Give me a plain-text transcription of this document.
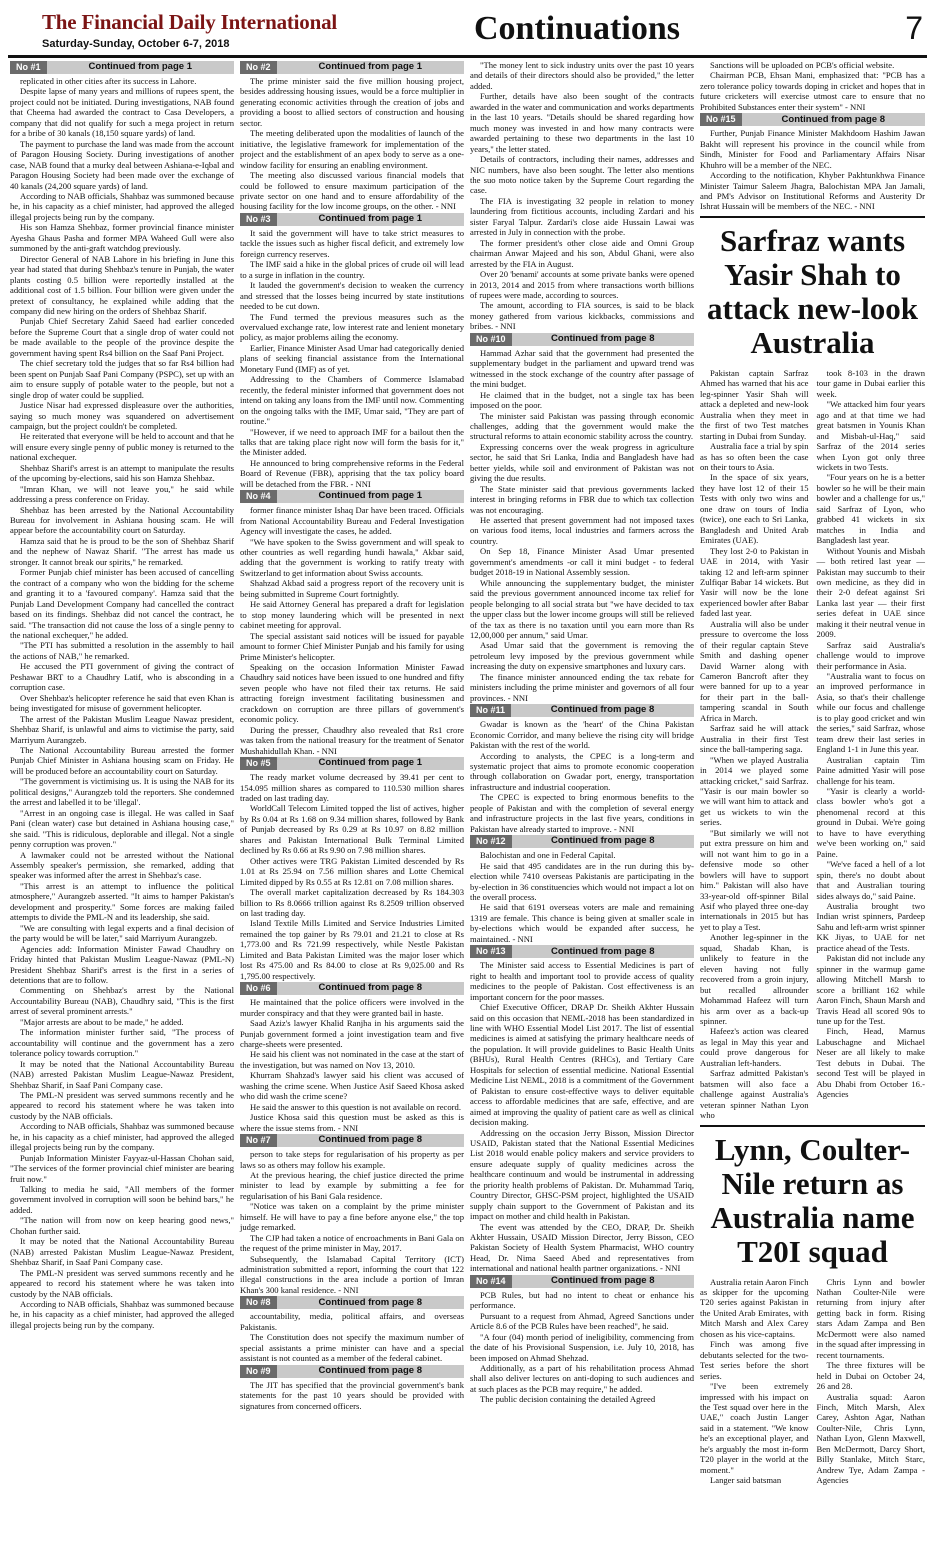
The Financial Daily International
Saturday-Sunday, October 6-7, 2018	Continuations	7
No #1	Continued from page 1

replicated in other cities after its success in Lahore.

Despite lapse of many years and millions of rupees spent, the project could not be initiated. During investigations, NAB found that Cheema had awarded the contract to Casa Developers, a company that did not qualify for such a mega project in return for a bribe of 30 kanals (18,150 square yards) of land.

The payment to purchase the land was made from the account of Paragon Housing Society. During investigations of another case, NAB found that a murky deal between Ashiana-e-Iqbal and Paragon Housing Society had been made over the exchange of 40 kanals (24,200 square yards) of land.

According to NAB officials, Shahbaz was summoned because he, in his capacity as a chief minister, had approved the alleged illegal projects being run by the company.

His son Hamza Shehbaz, former provincial finance minister Ayesha Ghaus Pasha and former MPA Waheed Gull were also summoned by the anti-graft watchdog previously.

Director General of NAB Lahore in his briefing in June this year had stated that during Shehbaz's tenure in Punjab, the water plants costing 0.5 billion were reportedly installed at the additional cost of 1.5 billion. Four billion were given under the pretext of consultancy, he explained while adding that the company did new hiring on the orders of Shehbaz Sharif.

Punjab Chief Secretary Zahid Saeed had earlier conceded before the Supreme Court that a single drop of water could not be made available to the people of the province despite the government having spent Rs4 billion on the Saaf Pani Project.

The chief secretary told the judges that so far Rs4 billion had been spent on Punjab Saaf Pani Company (PSPC), set up with an aim to ensure supply of potable water to the people, but not a single drop of water could be supplied.

Justice Nisar had expressed displeasure over the authorities, saying so much money was squandered on advertisement campaign, but the project couldn't be completed.

He reiterated that everyone will be held to account and that he will ensure every single penny of public money is returned to the national exchequer.

Shehbaz Sharif's arrest is an attempt to manipulate the results of the upcoming by-elections, said his son Hamza Shehbaz.

"Imran Khan, we will not leave you," he said while addressing a press conference on Friday.

Shehbaz has been arrested by the National Accountability Bureau for involvement in Ashiana housing scam. He will appear before the accountability court on Saturday.

Hamza said that he is proud to be the son of Shehbaz Sharif and the nephew of Nawaz Sharif. "The arrest has made us stronger. It cannot break our spirits," he remarked.

Former Punjab chief minister has been accused of cancelling the contract of a company who won the bidding for the scheme and granting it to a 'favoured company'. Hamza said that the Punjab Land Development Company had cancelled the contract based on its findings. Shehbaz did not cancel the contract, he said. "The transaction did not cause the loss of a single penny to the national exchequer," he added.

"The PTI has submitted a resolution in the assembly to hail the actions of NAB," he remarked.

He accused the PTI government of giving the contract of Peshawar BRT to a Chaudhry Latif, who is absconding in a corruption case.

Over Shehbaz's helicopter reference he said that even Khan is being investigated for misuse of government helicopter.

The arrest of the Pakistan Muslim League Nawaz president, Shehbaz Sharif, is unlawful and aims to victimise the party, said Marriyum Aurangzeb.

The National Accountability Bureau arrested the former Punjab Chief Minister in Ashiana housing scam on Friday. He will be produced before an accountability court on Saturday.

"The government is victimising us. It is using the NAB for its political designs," Aurangzeb told the reporters. She condemned the arrest and labelled it to be 'illegal'.

"Arrest in an ongoing case is illegal. He was called in Saaf Pani (clean water) case but detained in Ashiana housing case," she said. "This is ridiculous, deplorable and illegal. Not a single penny corruption was proven."

A lawmaker could not be arrested without the National Assembly speaker's permission, she remarked, adding that speaker was informed after the arrest in Shehbaz's case.

"This arrest is an attempt to influence the political atmosphere," Aurangzeb asserted. "It aims to hamper Pakistan's development and prosperity." Some forces are making failed attempts to divide the PML-N and its leadership, she said.

"We are consulting with legal experts and a final decision of the party would be will be later," said Marriyum Aurangzeb.

Agencies add: Information Minister Fawad Chaudhry on Friday hinted that Pakistan Muslim League-Nawaz (PML-N) President Shehbaz Sharif's arrest is the first in a series of detentions that are to follow.

Commenting on Shehbaz's arrest by the National Accountability Bureau (NAB), Chaudhry said, "This is the first arrest of several prominent arrests."

"Major arrests are about to be made," he added.

The information minister further said, "The process of accountability will continue and the government has a zero tolerance policy towards corruption."

It may be noted that the National Accountability Bureau (NAB) arrested Pakistan Muslim League-Nawaz President, Shehbaz Sharif, in Saaf Pani Company case.

The PML-N president was served summons recently and he appeared to record his statement where he was taken into custody by the NAB officials.

According to NAB officials, Shahbaz was summoned because he, in his capacity as a chief minister, had approved the alleged illegal projects being run by the company.

Punjab Information Minister Fayyaz-ul-Hassan Chohan said, "The services of the former provincial chief minister are bearing fruit now."

Talking to media he said, "All members of the former government involved in corruption will soon be behind bars," he added.

"The nation will from now on keep hearing good news," Chohan further said.

It may be noted that the National Accountability Bureau (NAB) arrested Pakistan Muslim League-Nawaz President, Shehbaz Sharif, in Saaf Pani Company case.

The PML-N president was served summons recently and he appeared to record his statement where he was taken into custody by the NAB officials.

According to NAB officials, Shahbaz was summoned because he, in his capacity as a chief minister, had approved the alleged illegal projects being run by the company.

No #2	Continued from page 1

The prime minister said the five million housing project, besides addressing housing issues, would be a force multiplier in generating economic activities through the creation of jobs and providing a boost to allied sectors of construction and housing sector.

The meeting deliberated upon the modalities of launch of the initiative, the legislative framework for implementation of the project and the establishment of an apex body to serve as a one-window facility for ensuring an enabling environment.

The meeting also discussed various financial models that could be followed to ensure maximum participation of the private sector on one hand and to ensure affordability of the housing facility for the low income groups, on the other. - NNI

No #3	Continued from page 1

It said the government will have to take strict measures to tackle the issues such as higher fiscal deficit, and extremely low foreign currency reserves.

The IMF said a hike in the global prices of crude oil will lead to a surge in inflation in the country.

It lauded the government's decision to weaken the currency and stressed that the losses being incurred by state institutions needed to be cut down.

The Fund termed the previous measures such as the overvalued exchange rate, low interest rate and lenient monetary policy, as major problems ailing the economy.

Earlier, Finance Minister Asad Umar had categorically denied plans of seeking financial assistance from the International Monetary Fund (IMF) as of yet.

Addressing to the Chambers of Commerce Islamabad recently, the federal minister informed that government does not intend on taking any loans from the IMF until now. Commenting on the ongoing talks with the IMF, Umar said, "They are part of routine."

"However, if we need to approach IMF for a bailout then the talks that are taking place right now will form the basis for it," the Minister added.

He announced to bring comprehensive reforms in the Federal Board of Revenue (FBR), apprising that the tax policy board will be detached from the FBR. - NNI

No #4	Continued from page 1

former finance minister Ishaq Dar have been traced. Officials from National Accountability Bureau and Federal Investigation Agency will investigate the cases, he added.

"We have spoken to the Swiss government and will speak to other countries as well regarding hundi hawala," Akbar said, adding that the government is working to ratify treaty with Switzerland to get information about Swiss accounts.

Shahzad Akbad said a progress report of the recovery unit is being submitted in Supreme Court fortnightly.

He said Attorney General has prepared a draft for legislation to stop money laundering which will be presented in next cabinet meeting for approval.

The special assistant said notices will be issued for payable amount to former Chief Minister Punjab and his family for using Prime Minister's helicopter.

Speaking on the occasion Information Minister Fawad Chaudhry said notices have been issued to one hundred and fifty seven people who have not filed their tax returns. He said attracting foreign investment facilitating businessmen and crackdown on corruption are three pillars of government's economic policy.

During the presser, Chaudhry also revealed that Rs1 crore was taken from the national treasury for the treatment of Senator Mushahidullah Khan. - NNI

No #5	Continued from page 1

The ready market volume decreased by 39.41 per cent to 154.095 million shares as compared to 110.530 million shares traded on last trading day.

WorldCall Telecom Limited topped the list of actives, higher by Rs 0.04 at Rs 1.68 on 9.34 million shares, followed by Bank of Punjab decreased by Rs 0.29 at Rs 10.97 on 8.82 million shares and Pakistan International Bulk Terminal Limited declined by Rs 0.66 at Rs 9.90 on 7.98 million shares.

Other actives were TRG Pakistan Limited descended by Rs 1.01 at Rs 25.94 on 7.56 million shares and Lotte Chemical Limited dipped by Rs 0.55 at Rs 12.81 on 7.08 million shares.

The overall market capitalization decreased by Rs 184.303 billion to Rs 8.0666 trillion against Rs 8.2509 trillion observed on last trading day.

Island Textile Mills Limited and Service Industries Limited remained the top gainer by Rs 79.01 and 21.21 to close at Rs 1,773.00 and Rs 721.99 respectively, while Nestle Pakistan Limited and Bata Pakistan Limited was the major loser which lost Rs 475.00 and Rs 84.00 to close at Rs 9,025.00 and Rs 1,795.00 respectively.

No #6	Continued from page 8

He maintained that the police officers were involved in the murder conspiracy and that they were granted bail in haste.

Saad Aziz's lawyer Khalid Ranjha in his arguments said the Punjab government formed a joint investigation team and five charge-sheets were presented.

He said his client was not nominated in the case at the start of the investigation, but was named on Nov 13, 2010.

Khurram Shahzad's lawyer said his client was accused of washing the crime scene. When Justice Asif Saeed Khosa asked who did wash the crime scene?

He said the answer to this question is not available on record.

Justice Khosa said this question must be asked as this is where the issue stems from. - NNI

No #7	Continued from page 8

person to take steps for regularisation of his property as per laws so as others may follow his example.

At the previous hearing, the chief justice directed the prime minister to lead by example by submitting a fee for regularisation of his Bani Gala residence.

"Notice was taken on a complaint by the prime minister himself. He will have to pay a fine before anyone else," the top judge remarked.

The CJP had taken a notice of encroachments in Bani Gala on the request of the prime minister in May, 2017.

Subsequently, the Islamabad Capital Territory (ICT) administration submitted a report, informing the court that 122 illegal constructions in the area include a portion of Imran Khan's 300 kanal residence. - NNI

No #8	Continued from page 8

accountability, media, political affairs, and overseas Pakistanis.

The Constitution does not specify the maximum number of special assistants a prime minister can have and a special assistant is not counted as a member of the federal cabinet.

No #9	Continued from page 8

The JIT has specified that the provincial government's bank statements for the past 10 years should be provided with signatures from concerned officers.

"The money lent to sick industry units over the past 10 years and details of their directors should also be provided," the letter added.

Further, details have also been sought of the contracts awarded in the water and communication and works departments in the last 10 years. "Details should be shared regarding how much money was invested in and how many contracts were awarded pertaining to these two departments in the last 10 years," the letter stated.

Details of contractors, including their names, addresses and NIC numbers, have also been sought. The letter also mentions the suo moto notice taken by the Supreme Court regarding the case.

The FIA is investigating 32 people in relation to money laundering from fictitious accounts, including Zardari and his sister Faryal Talpur. Zardari's close aide Hussain Lawai was arrested in July in connection with the probe.

The former president's other close aide and Omni Group chairman Anwar Majeed and his son, Abdul Ghani, were also arrested by the FIA in August.

Over 20 'benami' accounts at some private banks were opened in 2013, 2014 and 2015 from where transactions worth billions of rupees were made, according to sources.

The amount, according to FIA sources, is said to be black money gathered from various kickbacks, commissions and bribes. - NNI

No #10	Continued from page 8

Hammad Azhar said that the government had presented the supplementary budget in the parliament and upward trend was witnessed in the stock exchange of the country after passage of the mini budget.

He claimed that in the budget, not a single tax has been imposed on the poor.

The minister said Pakistan was passing through economic challenges, adding that the government would make the structural reforms to attain economic stability across the country.

Expressing concerns over the weak progress in agriculture sector, he said that Sri Lanka, India and Bangladesh have had better yields, while soil and environment of Pakistan was not giving the due results.

The State minister said that previous governments lacked interest in bringing reforms in FBR due to which tax collection was not encouraging.

He asserted that present government had not imposed taxes on various food items, local industries and farmers across the country.

On Sep 18, Finance Minister Asad Umar presented government's amendments -or call it mini budget - to federal budget 2018-19 in National Assembly session.

While announcing the supplementary budget, the minister said the previous government announced income tax relief for people belonging to all social strata but "we have decided to tax the upper class but the lower income groups will still be relieved of the tax as there is no taxation until you earn more than Rs 12,00,000 per annum," said Umar.

Asad Umar said that the government is removing the petroleum levy imposed by the previous government while increasing the duty on expensive smartphones and luxury cars.

The finance minister announced ending the tax rebate for ministers including the prime minister and governors of all four provinces. - NNI

No #11	Continued from page 8

Gwadar is known as the 'heart' of the China Pakistan Economic Corridor, and many believe the rising city will bridge Pakistan with the rest of the world.

According to analysts, the CPEC is a long-term and systematic project that aims to promote economic cooperation through collaboration on Gwadar port, energy, transportation infrastructure and industrial cooperation.

The CPEC is expected to bring enormous benefits to the people of Pakistan and with the completion of several energy and infrastructure projects in the last five years, conditions in Pakistan have already started to improve. - NNI

No #12	Continued from page 8

Balochistan and one in Federal Capital.

He said that 495 candidates are in the run during this by-election while 7410 overseas Pakistanis are participating in the by-election in 36 constituencies which would not impact a lot on the overall process.

He said that 6191 overseas voters are male and remaining 1319 are female. This chance is being given at smaller scale in by-elections which would be expanded after success, he maintained. - NNI

No #13	Continued from page 8

The Minister said access to Essential Medicines is part of right to health and important tool to provide access of quality medicines to the people of Pakistan. Cost effectiveness is an important concern for the poor masses.

Chief Executive Officer, DRAP Dr. Sheikh Akhter Hussain said on this occasion that NEML-2018 has been standardized in line with WHO Essential Model List 2017. The list of essential medicines is aimed at satisfying the primary healthcare needs of the population. It will provide guidelines to Basic Health Units (BHUs), Rural Health Centres (RHCs), and Tertiary Care Hospitals for selection of essential medicine. National Essential Medicine List NEML, 2018 is a commitment of the Government of Pakistan to ensure cost-effective ways to deliver equitable access to affordable medicines that are safe, effective, and are aimed at improving the quality of patient care as well as clinical decision making.

Addressing on the occasion Jerry Bisson, Mission Director USAID, Pakistan stated that the National Essential Medicines List 2018 would enable policy makers and service providers to ensure adequate supply of quality medicines across the healthcare continuum and would be instrumental in addressing the priority health problems of Pakistan. Dr. Muhammad Tariq, Country Director, GHSC-PSM project, highlighted the USAID supply chain support to the Government of Pakistan and its impact on mother and child health in Pakistan.

The event was attended by the CEO, DRAP, Dr. Sheikh Akhter Hussain, USAID Mission Director, Jerry Bisson, CEO Pakistan Society of Health System Pharmacist, WHO country Head, Dr. Nima Saeed Abed and representatives from international and national health partner organizations. - NNI

No #14	Continued from page 8

PCB Rules, but had no intent to cheat or enhance his performance.

Pursuant to a request from Ahmad, Agreed Sanctions under Article 8.6 of the PCB Rules have been reached", he said.

"A four (04) month period of ineligibility, commencing from the date of his Provisional Suspension, i.e. July 10, 2018, has been imposed on Ahmad Shehzad.

Additionally, as a part of his rehabilitation process Ahmad shall also deliver lectures on anti-doping to such audiences and at such places as the PCB may require," he added.

The public decision containing the detailed Agreed

Sanctions will be uploaded on PCB's official website.

Chairman PCB, Ehsan Mani, emphasized that: "PCB has a zero tolerance policy towards doping in cricket and hopes that in future cricketers will exercise utmost care to ensure that no Prohibited Substances enter their system" - NNI

No #15	Continued from page 8

Further, Punjab Finance Minister Makhdoom Hashim Jawan Bakht will represent his province in the council while from Sindh, Minister for Food and Parliamentary Affairs Nisar Khuhro will be a member of the NEC.

According to the notification, Khyber Pakhtunkhwa Finance Minister Taimur Saleem Jhagra, Balochistan MPA Jan Jamali, and PM's Advisor on Institutional Reforms and Austerity Dr Ishrat Hussain will be members of the NEC. - NNI

Sarfraz wants Yasir Shah to attack new-look Australia

Pakistan captain Sarfraz Ahmed has warned that his ace leg-spinner Yasir Shah will attack a depleted and new-look Australia when they meet in the first of two Test matches starting in Dubai from Sunday.

Australia face a trial by spin as has so often been the case on their tours to Asia.

In the space of six years, they have lost 12 of their 15 Tests with only two wins and one draw on tours of India (twice), one each to Sri Lanka, Bangladesh and United Arab Emirates (UAE).

They lost 2-0 to Pakistan in UAE in 2014, with Yasir taking 12 and left-arm spinner Zulfiqar Babar 14 wickets. But Yasir will now be the lone experienced bowler after Babar faded last year.

Australia will also be under pressure to overcome the loss of their regular captain Steve Smith and dashing opener David Warner along with Cameron Bancroft after they were banned for up to a year for their part in the ball-tampering scandal in South Africa in March.

Sarfraz said he will attack Australia in their first Test since the ball-tampering saga.

"When we played Australia in 2014 we played some attacking cricket," said Sarfraz. "Yasir is our main bowler so we will want him to attack and get us wickets to win the series.

"But similarly we will not put extra pressure on him and will not want him to go in a defensive mode so other bowlers will have to support him." Pakistan will also have 33-year-old off-spinner Bilal Asif who played three one-day internationals in 2015 but has yet to play a Test.

Another leg-spinner in the squad, Shadab Khan, is unlikely to feature in the eleven having not fully recovered from a groin injury, but recalled allrounder Mohammad Hafeez will turn his arm over as a back-up spinner.

Hafeez's action was cleared as legal in May this year and could prove dangerous for Australian left-handers.

Sarfraz admitted Pakistan's batsmen will also face a challenge against Australia's veteran spinner Nathan Lyon who

took 8-103 in the drawn tour game in Dubai earlier this week.

"We attacked him four years ago and at that time we had great batsmen in Younis Khan and Misbah-ul-Haq," said Sarfraz of the 2014 series when Lyon got only three wickets in two Tests.

"Four years on he is a better bowler so he will be their main bowler and a challenge for us," said Sarfraz of Lyon, who grabbed 41 wickets in six matches in India and Bangladesh last year.

Without Younis and Misbah — both retired last year — Pakistan may succumb to their own medicine, as they did in their 2-0 defeat against Sri Lanka last year — their first series defeat in UAE since making it their neutral venue in 2009.

Sarfraz said Australia's challenge would to improve their performance in Asia.

"Australia want to focus on an improved performance in Asia, so that's their challenge while our focus and challenge is to play good cricket and win the series," said Sarfraz, whose team drew their last series in England 1-1 in June this year.

Australian captain Tim Paine admitted Yasir will pose challenge for his team.

"Yasir is clearly a world-class bowler who's got a phenomenal record at this ground in Dubai. We're going to have to have everything we've been working on," said Paine.

"We've faced a hell of a lot spin, there's no doubt about that and Australian touring sides always do," said Paine.

Australia brought two Indian wrist spinners, Pardeep Sahu and left-arm wrist spinner KK Jiyas, to UAE for net practice ahead of the Tests.

Pakistan did not include any spinner in the warmup game allowing Mitchell Marsh to score a brilliant 162 while Aaron Finch, Shaun Marsh and Travis Head all scored 90s to tune up for the Test.

Finch, Head, Marnus Labuschagne and Michael Neser are all likely to make Test debuts in Dubai. The second Test will be played in Abu Dhabi from October 16.- Agencies

Lynn, Coulter-Nile return as Australia name T20I squad

Australia retain Aaron Finch as skipper for the upcoming T20 series against Pakistan in the United Arab Emirates, with Mitch Marsh and Alex Carey chosen as his vice-captains.

Finch was among five debutants selected for the two-Test series before the short series.

"I've been extremely impressed with his impact on the Test squad over here in the UAE," coach Justin Langer said in a statement. "We know he's an exceptional player, and he's arguably the most in-form T20 player in the world at the moment."

Langer said batsman

Chris Lynn and bowler Nathan Coulter-Nile were returning from injury after getting back in form. Rising stars Adam Zampa and Ben McDermott were also named in the squad after impressing in recent tournaments.

The three fixtures will be held in Dubai on October 24, 26 and 28.

Australia squad: Aaron Finch, Mitch Marsh, Alex Carey, Ashton Agar, Nathan Coulter-Nile, Chris Lynn, Nathan Lyon, Glenn Maxwell, Ben McDermott, Darcy Short, Billy Stanlake, Mitch Starc, Andrew Tye, Adam Zampa - Agencies
